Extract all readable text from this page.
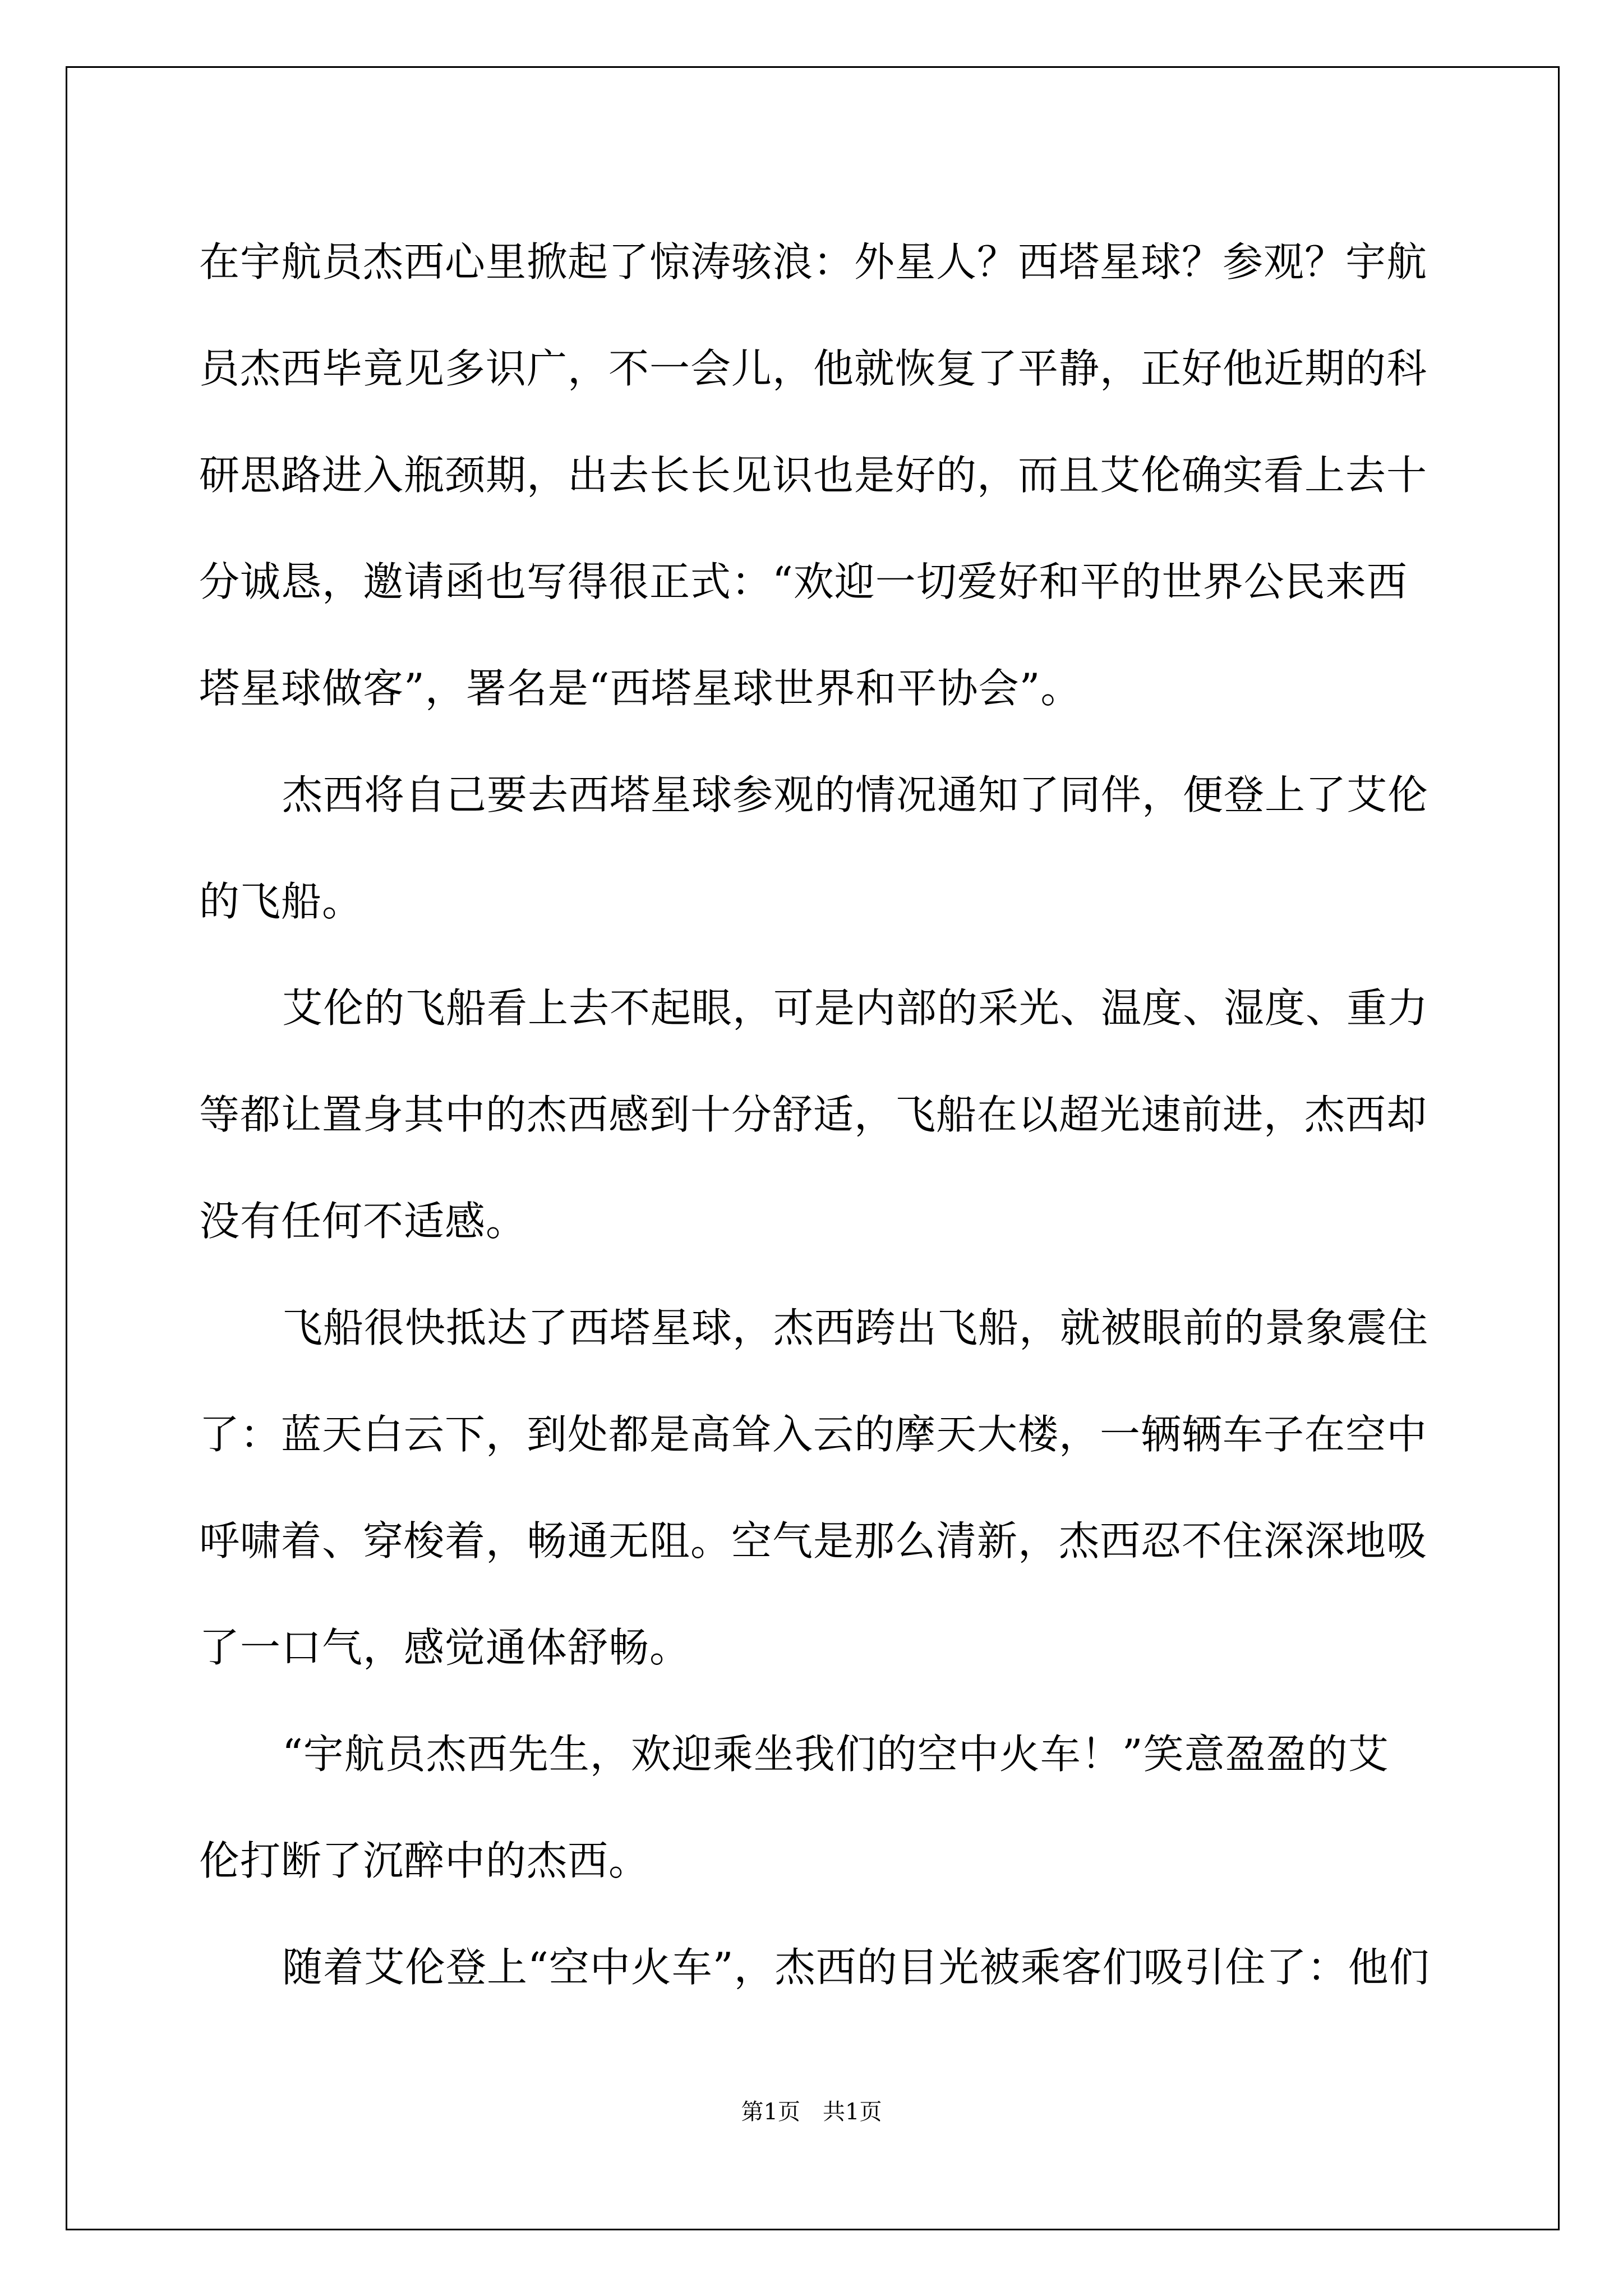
在宇航员杰西心里掀起了惊涛骇浪：外星人？西塔星球？参观？宇航
员杰西毕竟见多识广，不一会儿，他就恢复了平静，正好他近期的科
研思路进入瓶颈期，出去长长见识也是好的，而且艾伦确实看上去十
分诚恳，邀请函也写得很正式：“欢迎一切爱好和平的世界公民来西
塔星球做客”，署名是“西塔星球世界和平协会”。

杰西将自己要去西塔星球参观的情况通知了同伴，便登上了艾伦
的飞船。

艾伦的飞船看上去不起眼，可是内部的采光、温度、湿度、重力
等都让置身其中的杰西感到十分舒适，飞船在以超光速前进，杰西却
没有任何不适感。

飞船很快抵达了西塔星球，杰西跨出飞船，就被眼前的景象震住
了：蓝天白云下，到处都是高耸入云的摩天大楼，一辆辆车子在空中
呼啸着、穿梭着，畅通无阻。空气是那么清新，杰西忍不住深深地吸
了一口气，感觉通体舒畅。

“宇航员杰西先生，欢迎乘坐我们的空中火车！”笑意盈盈的艾
伦打断了沉醉中的杰西。

随着艾伦登上“空中火车”，杰西的目光被乘客们吸引住了：他们

第1页　共1页
